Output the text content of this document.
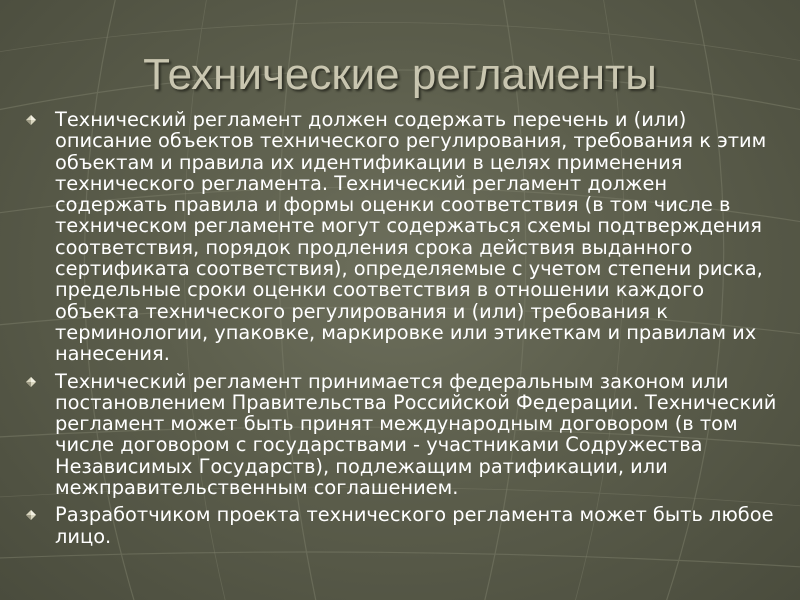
Технические регламенты
Технический регламент должен содержать перечень и (или) описание объектов технического регулирования, требования к этим объектам и правила их идентификации в целях применения технического регламента. Технический регламент должен содержать правила и формы оценки соответствия (в том числе в техническом регламенте могут содержаться схемы подтверждения соответствия, порядок продления срока действия выданного сертификата соответствия), определяемые с учетом степени риска, предельные сроки оценки соответствия в отношении каждого объекта технического регулирования и (или) требования к терминологии, упаковке, маркировке или этикеткам и правилам их нанесения.
Технический регламент принимается федеральным законом или постановлением Правительства Российской Федерации. Технический регламент может быть принят международным договором (в том числе договором с государствами - участниками Содружества Независимых Государств), подлежащим ратификации, или межправительственным соглашением.
Разработчиком проекта технического регламента может быть любое лицо.
